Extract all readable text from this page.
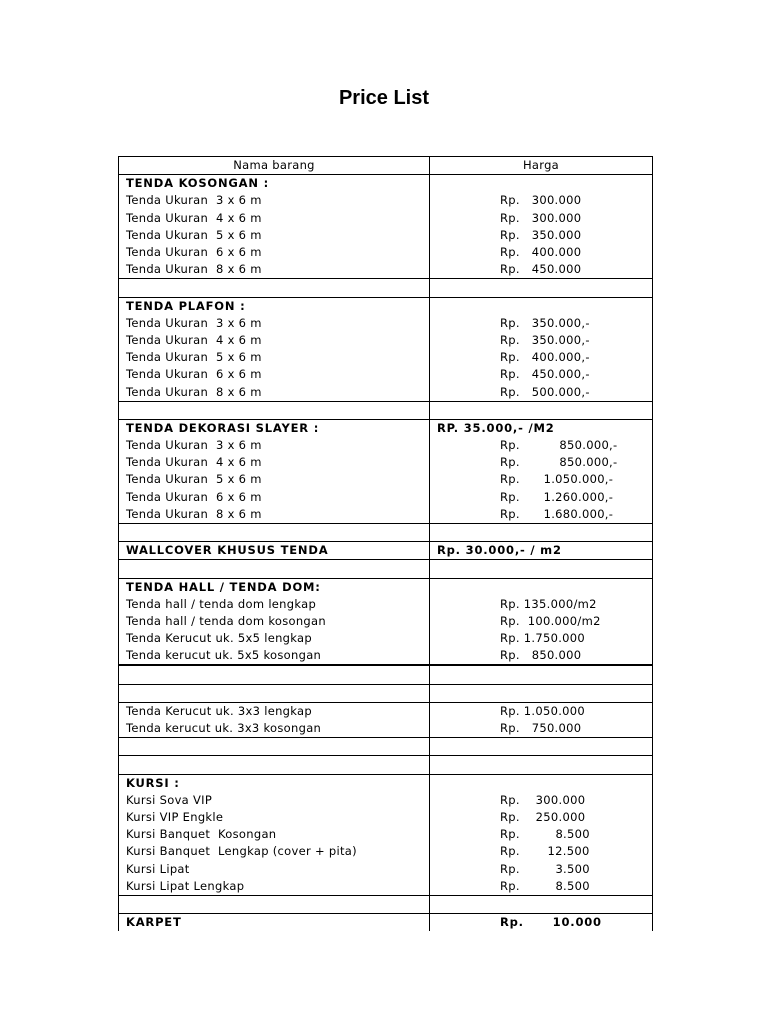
Price List
Nama barang	Harga
TENDA KOSONGAN :	
Tenda Ukuran  3 x 6 m	Rp.   300.000
Tenda Ukuran  4 x 6 m	Rp.   300.000
Tenda Ukuran  5 x 6 m	Rp.   350.000
Tenda Ukuran  6 x 6 m	Rp.   400.000
Tenda Ukuran  8 x 6 m	Rp.   450.000

TENDA PLAFON :	
Tenda Ukuran  3 x 6 m	Rp.   350.000,-
Tenda Ukuran  4 x 6 m	Rp.   350.000,-
Tenda Ukuran  5 x 6 m	Rp.   400.000,-
Tenda Ukuran  6 x 6 m	Rp.   450.000,-
Tenda Ukuran  8 x 6 m	Rp.   500.000,-

TENDA DEKORASI SLAYER :	RP. 35.000,- /M2
Tenda Ukuran  3 x 6 m	Rp.          850.000,-
Tenda Ukuran  4 x 6 m	Rp.          850.000,-
Tenda Ukuran  5 x 6 m	Rp.      1.050.000,-
Tenda Ukuran  6 x 6 m	Rp.      1.260.000,-
Tenda Ukuran  8 x 6 m	Rp.      1.680.000,-

WALLCOVER KHUSUS TENDA	Rp. 30.000,- / m2

TENDA HALL / TENDA DOM:	
Tenda hall / tenda dom lengkap	Rp. 135.000/m2
Tenda hall / tenda dom kosongan	Rp.  100.000/m2
Tenda Kerucut uk. 5x5 lengkap	Rp. 1.750.000
Tenda kerucut uk. 5x5 kosongan	Rp.   850.000

Tenda Kerucut uk. 3x3 lengkap	Rp. 1.050.000
Tenda kerucut uk. 3x3 kosongan	Rp.   750.000

KURSI :	
Kursi Sova VIP	Rp.    300.000
Kursi VIP Engkle	Rp.    250.000
Kursi Banquet  Kosongan	Rp.         8.500
Kursi Banquet  Lengkap (cover + pita)	Rp.       12.500
Kursi Lipat	Rp.         3.500
Kursi Lipat Lengkap	Rp.         8.500

KARPET	Rp.      10.000
